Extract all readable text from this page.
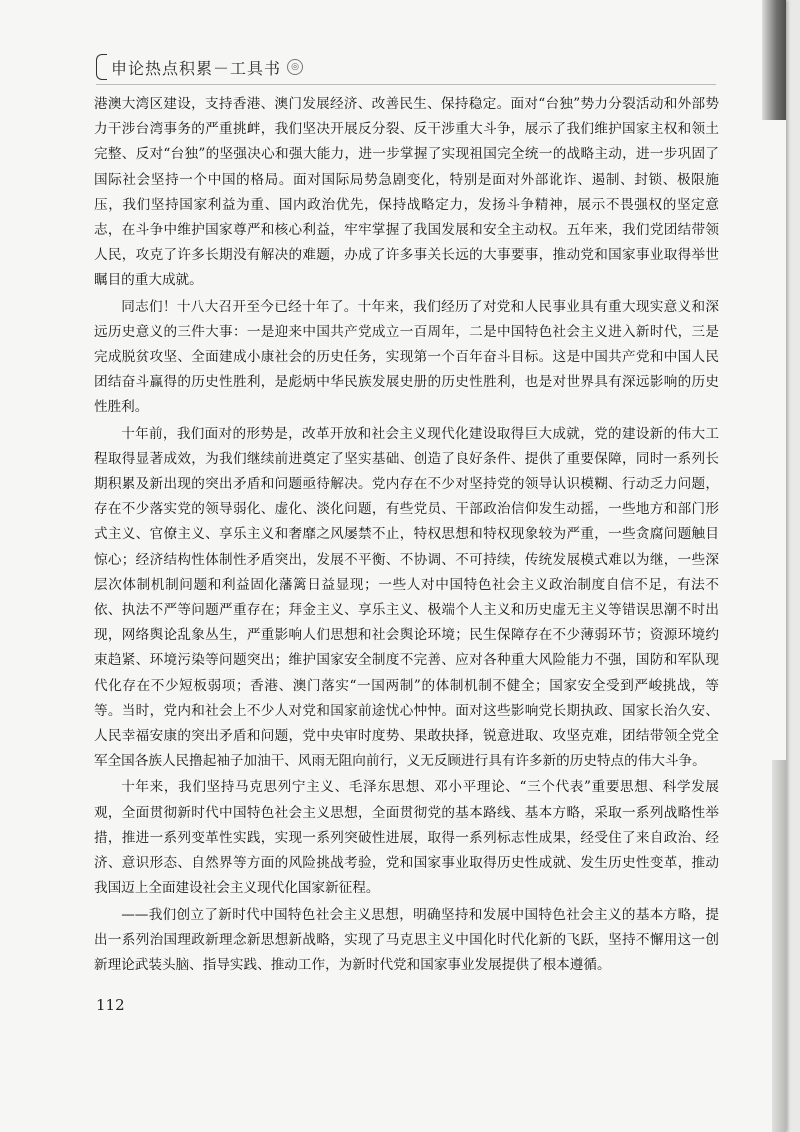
申论热点积累－工具书	◎

港澳大湾区建设，支持香港、澳门发展经济、改善民生、保持稳定。面对“台独”势力分裂活动和外部势力干涉台湾事务的严重挑衅，我们坚决开展反分裂、反干涉重大斗争，展示了我们维护国家主权和领土完整、反对“台独”的坚强决心和强大能力，进一步掌握了实现祖国完全统一的战略主动，进一步巩固了国际社会坚持一个中国的格局。面对国际局势急剧变化，特别是面对外部讹诈、遏制、封锁、极限施压，我们坚持国家利益为重、国内政治优先，保持战略定力，发扬斗争精神，展示不畏强权的坚定意志，在斗争中维护国家尊严和核心利益，牢牢掌握了我国发展和安全主动权。五年来，我们党团结带领人民，攻克了许多长期没有解决的难题，办成了许多事关长远的大事要事，推动党和国家事业取得举世瞩目的重大成就。

同志们！十八大召开至今已经十年了。十年来，我们经历了对党和人民事业具有重大现实意义和深远历史意义的三件大事：一是迎来中国共产党成立一百周年，二是中国特色社会主义进入新时代，三是完成脱贫攻坚、全面建成小康社会的历史任务，实现第一个百年奋斗目标。这是中国共产党和中国人民团结奋斗赢得的历史性胜利，是彪炳中华民族发展史册的历史性胜利，也是对世界具有深远影响的历史性胜利。

十年前，我们面对的形势是，改革开放和社会主义现代化建设取得巨大成就，党的建设新的伟大工程取得显著成效，为我们继续前进奠定了坚实基础、创造了良好条件、提供了重要保障，同时一系列长期积累及新出现的突出矛盾和问题亟待解决。党内存在不少对坚持党的领导认识模糊、行动乏力问题，存在不少落实党的领导弱化、虚化、淡化问题，有些党员、干部政治信仰发生动摇，一些地方和部门形式主义、官僚主义、享乐主义和奢靡之风屡禁不止，特权思想和特权现象较为严重，一些贪腐问题触目惊心；经济结构性体制性矛盾突出，发展不平衡、不协调、不可持续，传统发展模式难以为继，一些深层次体制机制问题和利益固化藩篱日益显现；一些人对中国特色社会主义政治制度自信不足，有法不依、执法不严等问题严重存在；拜金主义、享乐主义、极端个人主义和历史虚无主义等错误思潮不时出现，网络舆论乱象丛生，严重影响人们思想和社会舆论环境；民生保障存在不少薄弱环节；资源环境约束趋紧、环境污染等问题突出；维护国家安全制度不完善、应对各种重大风险能力不强，国防和军队现代化存在不少短板弱项；香港、澳门落实“一国两制”的体制机制不健全；国家安全受到严峻挑战，等等。当时，党内和社会上不少人对党和国家前途忧心忡忡。面对这些影响党长期执政、国家长治久安、人民幸福安康的突出矛盾和问题，党中央审时度势、果敢抉择，锐意进取、攻坚克难，团结带领全党全军全国各族人民撸起袖子加油干、风雨无阻向前行，义无反顾进行具有许多新的历史特点的伟大斗争。

十年来，我们坚持马克思列宁主义、毛泽东思想、邓小平理论、“三个代表”重要思想、科学发展观，全面贯彻新时代中国特色社会主义思想，全面贯彻党的基本路线、基本方略，采取一系列战略性举措，推进一系列变革性实践，实现一系列突破性进展，取得一系列标志性成果，经受住了来自政治、经济、意识形态、自然界等方面的风险挑战考验，党和国家事业取得历史性成就、发生历史性变革，推动我国迈上全面建设社会主义现代化国家新征程。

——我们创立了新时代中国特色社会主义思想，明确坚持和发展中国特色社会主义的基本方略，提出一系列治国理政新理念新思想新战略，实现了马克思主义中国化时代化新的飞跃，坚持不懈用这一创新理论武装头脑、指导实践、推动工作，为新时代党和国家事业发展提供了根本遵循。

112
